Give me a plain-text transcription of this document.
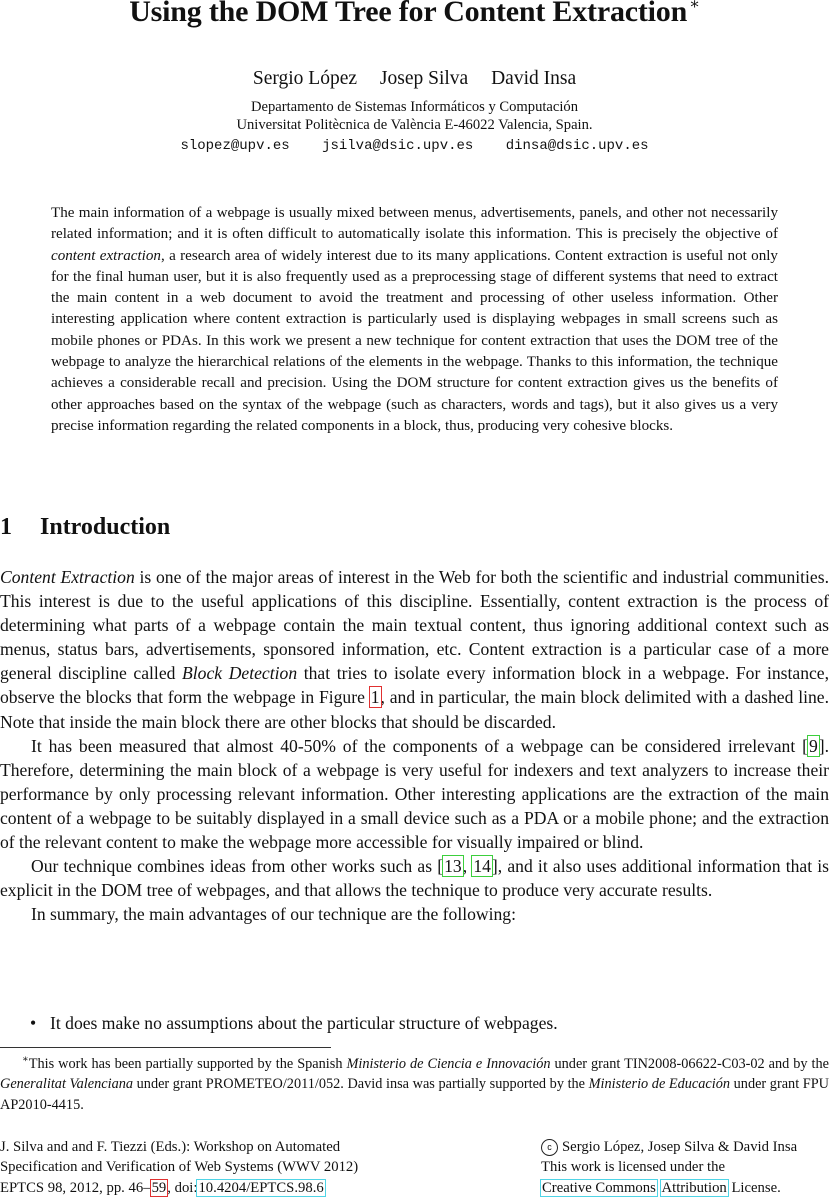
Using the DOM Tree for Content Extraction ∗
Sergio López Josep Silva David Insa
Departamento de Sistemas Informáticos y Computación
Universitat Politècnica de València E-46022 Valencia, Spain.
slopez@upv.es jsilva@dsic.upv.es dinsa@dsic.upv.es
The main information of a webpage is usually mixed between menus, advertisements, panels, and other not necessarily related information; and it is often difficult to automatically isolate this information. This is precisely the objective of content extraction, a research area of widely interest due to its many applications. Content extraction is useful not only for the final human user, but it is also frequently used as a preprocessing stage of different systems that need to extract the main content in a web document to avoid the treatment and processing of other useless information. Other interesting application where content extraction is particularly used is displaying webpages in small screens such as mobile phones or PDAs. In this work we present a new technique for content extraction that uses the DOM tree of the webpage to analyze the hierarchical relations of the elements in the webpage. Thanks to this information, the technique achieves a considerable recall and precision. Using the DOM structure for content extraction gives us the benefits of other approaches based on the syntax of the webpage (such as characters, words and tags), but it also gives us a very precise information regarding the related components in a block, thus, producing very cohesive blocks.
1 Introduction

Content Extraction is one of the major areas of interest in the Web for both the scientific and industrial communities. This interest is due to the useful applications of this discipline. Essentially, content extraction is the process of determining what parts of a webpage contain the main textual content, thus ignoring additional context such as menus, status bars, advertisements, sponsored information, etc. Content extraction is a particular case of a more general discipline called Block Detection that tries to isolate every information block in a webpage. For instance, observe the blocks that form the webpage in Figure 1, and in particular, the main block delimited with a dashed line. Note that inside the main block there are other blocks that should be discarded.

It has been measured that almost 40-50% of the components of a webpage can be considered irrelevant [9]. Therefore, determining the main block of a webpage is very useful for indexers and text analyzers to increase their performance by only processing relevant information. Other interesting applications are the extraction of the main content of a webpage to be suitably displayed in a small device such as a PDA or a mobile phone; and the extraction of the relevant content to make the webpage more accessible for visually impaired or blind.

Our technique combines ideas from other works such as [13, 14], and it also uses additional information that is explicit in the DOM tree of webpages, and that allows the technique to produce very accurate results.

In summary, the main advantages of our technique are the following:

• It does make no assumptions about the particular structure of webpages.
∗This work has been partially supported by the Spanish Ministerio de Ciencia e Innovación under grant TIN2008-06622-C03-02 and by the Generalitat Valenciana under grant PROMETEO/2011/052. David insa was partially supported by the Ministerio de Educación under grant FPU AP2010-4415.
J. Silva and and F. Tiezzi (Eds.): Workshop on Automated
Specification and Verification of Web Systems (WWV 2012)
EPTCS 98, 2012, pp. 46–59, doi:10.4204/EPTCS.98.6
c Sergio López, Josep Silva & David Insa
This work is licensed under the
Creative Commons Attribution License.
